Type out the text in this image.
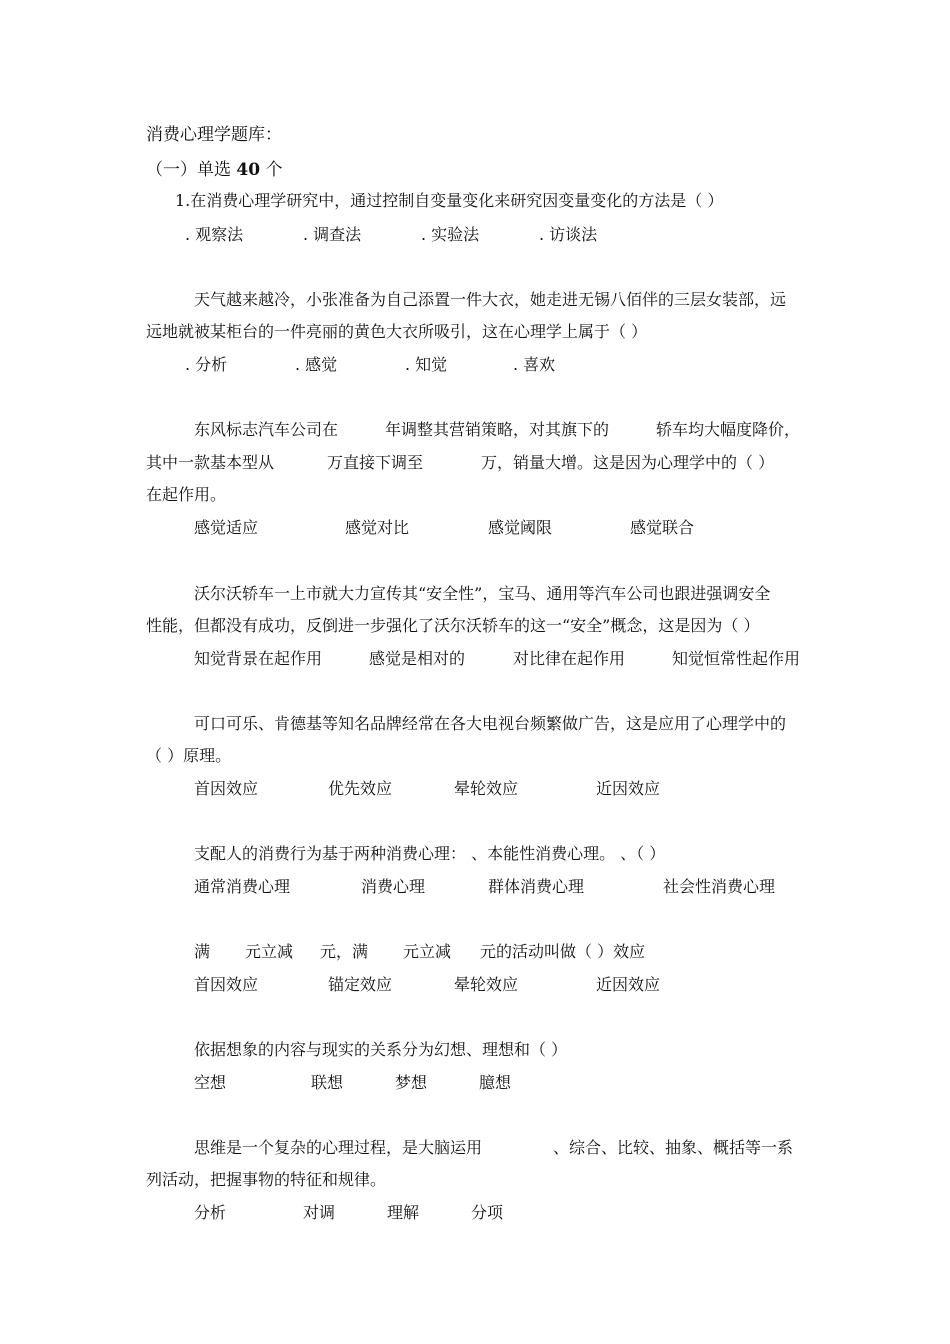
消费心理学题库：
（一）单选 40 个
1.在消费心理学研究中，通过控制自变量变化来研究因变量变化的方法是（ ）
. 观察法	. 调查法	. 实验法	. 访谈法
天气越来越冷，小张准备为自己添置一件大衣，她走进无锡八佰伴的三层女装部，远
远地就被某柜台的一件亮丽的黄色大衣所吸引，这在心理学上属于（ ）
. 分析	. 感觉	. 知觉	. 喜欢
东风标志汽车公司在	年调整其营销策略，对其旗下的	轿车均大幅度降价，
其中一款基本型从	万直接下调至	万，销量大增。这是因为心理学中的（ ）
在起作用。
感觉适应	感觉对比	感觉阈限	感觉联合
沃尔沃轿车一上市就大力宣传其“安全性”，宝马、通用等汽车公司也跟进强调安全
性能，但都没有成功，反倒进一步强化了沃尔沃轿车的这一“安全”概念，这是因为（ ）
知觉背景在起作用	感觉是相对的	对比律在起作用	知觉恒常性起作用
可口可乐、肯德基等知名品牌经常在各大电视台频繁做广告，这是应用了心理学中的
（ ）原理。
首因效应	优先效应	晕轮效应	近因效应
支配人的消费行为基于两种消费心理： 、本能性消费心理。 、（ ）
通常消费心理	消费心理	群体消费心理	社会性消费心理
满 元立减 元，满 元立减 元的活动叫做（ ）效应
首因效应	锚定效应	晕轮效应	近因效应
依据想象的内容与现实的关系分为幻想、理想和（ ）
空想	联想	梦想	臆想
思维是一个复杂的心理过程，是大脑运用	、综合、比较、抽象、概括等一系
列活动，把握事物的特征和规律。
分析	对调	理解	分项
